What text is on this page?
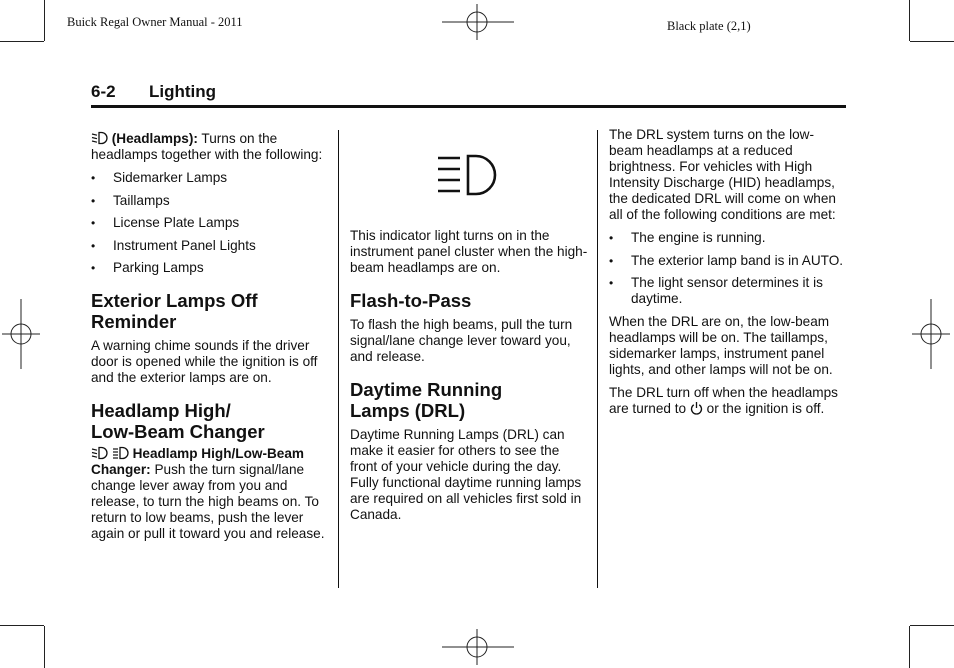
Buick Regal Owner Manual - 2011	Black plate (2,1)
6-2 Lighting

(Headlamps): Turns on the headlamps together with the following:

• Sidemarker Lamps
• Taillamps
• License Plate Lamps
• Instrument Panel Lights
• Parking Lamps
Exterior Lamps Off Reminder

A warning chime sounds if the driver door is opened while the ignition is off and the exterior lamps are on.

Headlamp High/
Low-Beam Changer

Headlamp High/Low-Beam Changer: Push the turn signal/lane change lever away from you and release, to turn the high beams on. To return to low beams, push the lever again or pull it toward you and release.

This indicator light turns on in the instrument panel cluster when the high-beam headlamps are on.

Flash-to-Pass

To flash the high beams, pull the turn signal/lane change lever toward you, and release.

Daytime Running
Lamps (DRL)

Daytime Running Lamps (DRL) can make it easier for others to see the front of your vehicle during the day. Fully functional daytime running lamps are required on all vehicles first sold in Canada.

The DRL system turns on the low-beam headlamps at a reduced brightness. For vehicles with High Intensity Discharge (HID) headlamps, the dedicated DRL will come on when all of the following conditions are met:

• The engine is running.
• The exterior lamp band is in AUTO.
• The light sensor determines it is daytime.

When the DRL are on, the low-beam headlamps will be on. The taillamps, sidemarker lamps, instrument panel lights, and other lamps will not be on.

The DRL turn off when the headlamps are turned to or the ignition is off.
